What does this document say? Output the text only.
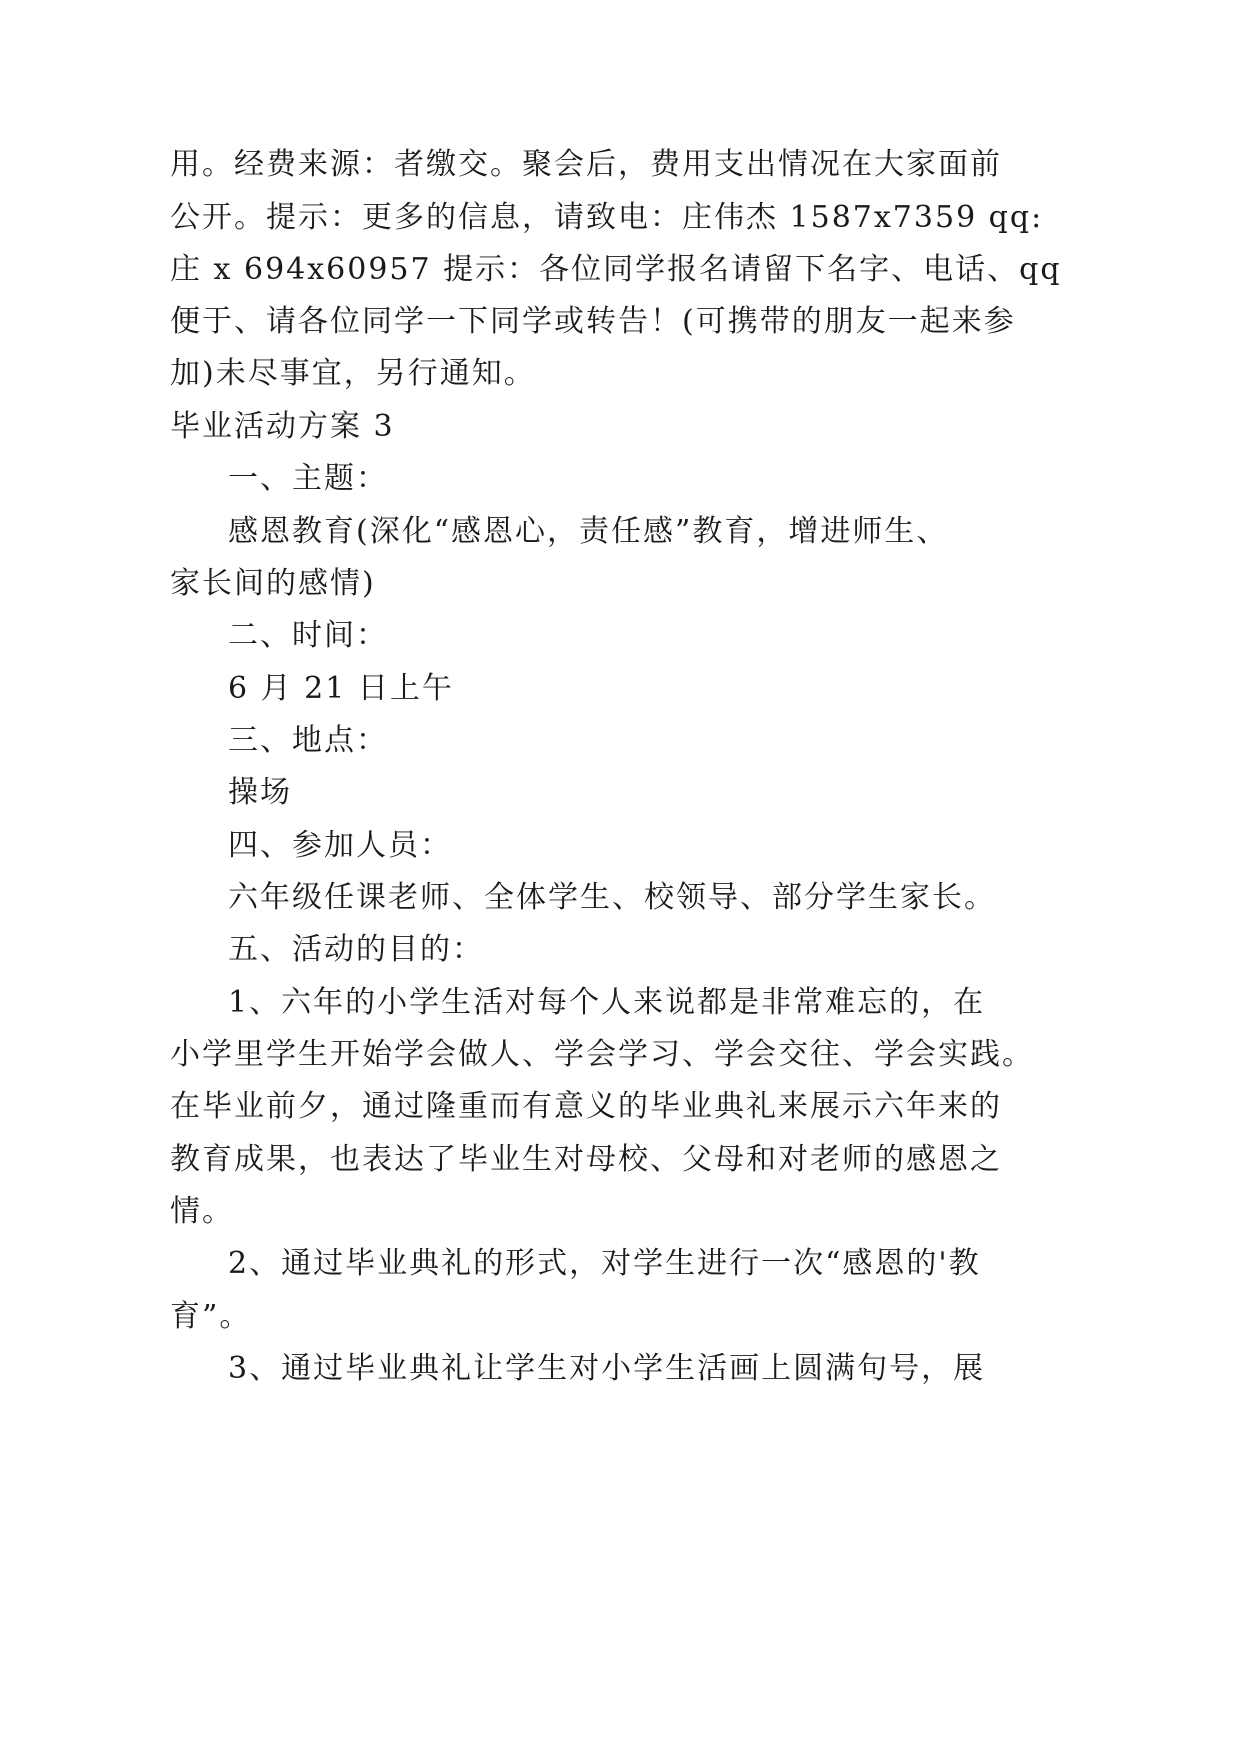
用。经费来源：者缴交。聚会后，费用支出情况在大家面前
公开。提示：更多的信息，请致电：庄伟杰 1587x7359 qq:
庄 x 694x60957 提示：各位同学报名请留下名字、电话、qq
便于、请各位同学一下同学或转告！(可携带的朋友一起来参
加)未尽事宜，另行通知。
毕业活动方案 3
一、主题：
感恩教育(深化“感恩心，责任感”教育，增进师生、
家长间的感情)
二、时间：
6 月 21 日上午
三、地点：
操场
四、参加人员：
六年级任课老师、全体学生、校领导、部分学生家长。
五、活动的目的：
1、六年的小学生活对每个人来说都是非常难忘的，在
小学里学生开始学会做人、学会学习、学会交往、学会实践。
在毕业前夕，通过隆重而有意义的毕业典礼来展示六年来的
教育成果，也表达了毕业生对母校、父母和对老师的感恩之
情。
2、通过毕业典礼的形式，对学生进行一次“感恩的'教
育”。
3、通过毕业典礼让学生对小学生活画上圆满句号，展
